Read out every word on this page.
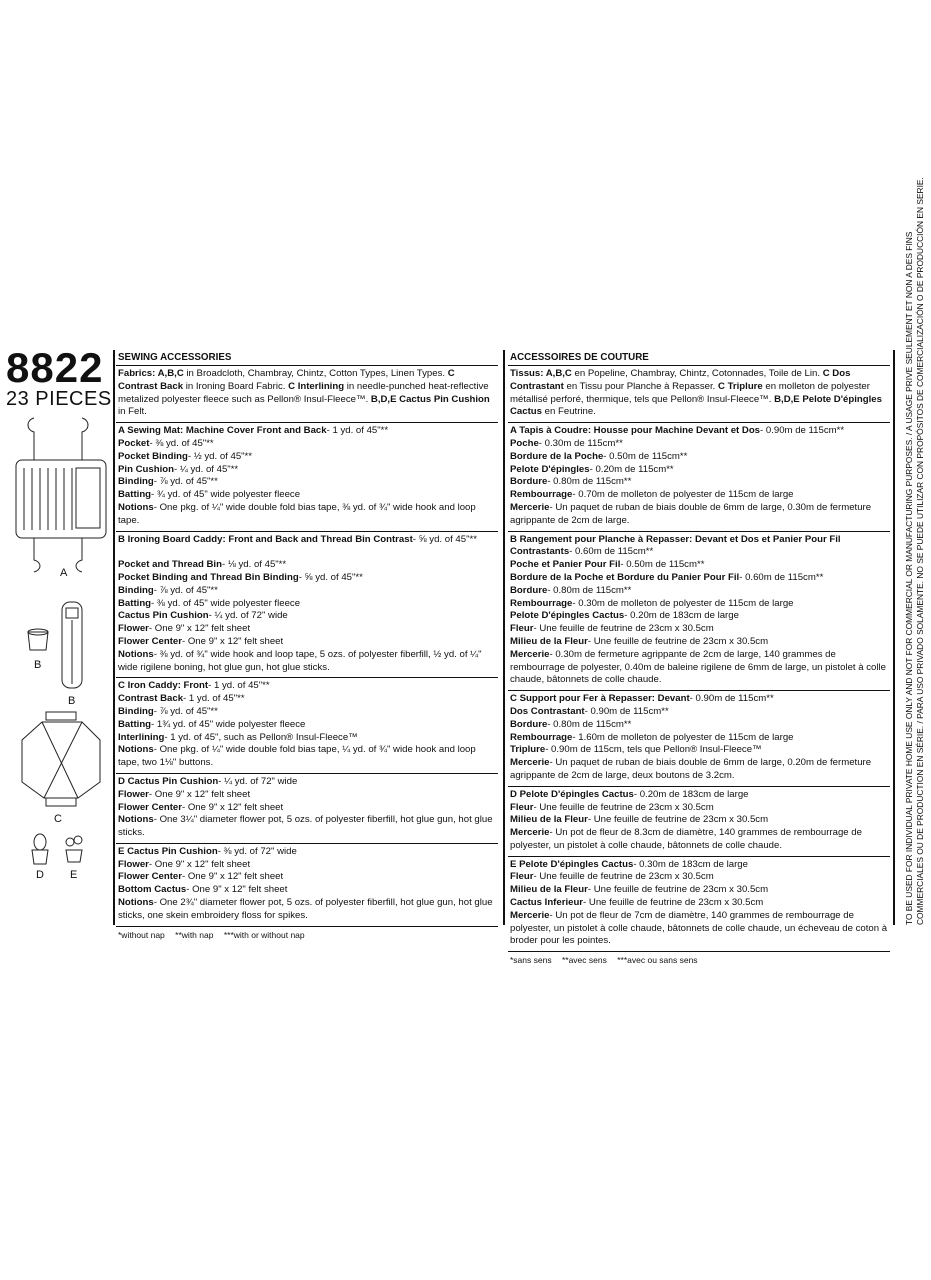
8822
23 PIECES
A
B
B
C
D E
SEWING ACCESSORIES

Fabrics: A,B,C in Broadcloth, Chambray, Chintz, Cotton Types, Linen Types. C Contrast Back in Ironing Board Fabric. C Interlining in needle-punched heat-reflective metalized polyester fleece such as Pellon® Insul-Fleece™. B,D,E Cactus Pin Cushion in Felt.

A Sewing Mat: Machine Cover Front and Back- 1 yd. of 45"**

Pocket- ⅜ yd. of 45"**

Pocket Binding- ½ yd. of 45"**

Pin Cushion- ¼ yd. of 45"**

Binding- ⅞ yd. of 45"**

Batting- ¾ yd. of 45" wide polyester fleece

Notions- One pkg. of ¼" wide double fold bias tape, ⅜ yd. of ¾" wide hook and loop tape.

B Ironing Board Caddy: Front and Back and Thread Bin Contrast- ⅝ yd. of 45"**

Pocket and Thread Bin- ⅛ yd. of 45"**

Pocket Binding and Thread Bin Binding- ⅝ yd. of 45"**

Binding- ⅞ yd. of 45"**

Batting- ⅜ yd. of 45" wide polyester fleece

Cactus Pin Cushion- ¼ yd. of 72" wide

Flower- One 9" x 12" felt sheet

Flower Center- One 9" x 12" felt sheet

Notions- ⅜ yd. of ¾" wide hook and loop tape, 5 ozs. of polyester fiberfill, ½ yd. of ¼" wide rigilene boning, hot glue gun, hot glue sticks.

C Iron Caddy: Front- 1 yd. of 45"**

Contrast Back- 1 yd. of 45"**

Binding- ⅞ yd. of 45"**

Batting- 1¾ yd. of 45" wide polyester fleece

Interlining- 1 yd. of 45", such as Pellon® Insul-Fleece™

Notions- One pkg. of ¼" wide double fold bias tape, ¼ yd. of ¾" wide hook and loop tape, two 1⅛" buttons.

D Cactus Pin Cushion- ¼ yd. of 72" wide

Flower- One 9" x 12" felt sheet

Flower Center- One 9" x 12" felt sheet

Notions- One 3¼" diameter flower pot, 5 ozs. of polyester fiberfill, hot glue gun, hot glue sticks.

E Cactus Pin Cushion- ⅜ yd. of 72" wide

Flower- One 9" x 12" felt sheet

Flower Center- One 9" x 12" felt sheet

Bottom Cactus- One 9" x 12" felt sheet

Notions- One 2¾" diameter flower pot, 5 ozs. of polyester fiberfill, hot glue gun, hot glue sticks, one skein embroidery floss for spikes.

*without nap **with nap ***with or without nap
ACCESSOIRES DE COUTURE

Tissus: A,B,C en Popeline, Chambray, Chintz, Cotonnades, Toile de Lin. C Dos Contrastant en Tissu pour Planche à Repasser. C Triplure en molleton de polyester métallisé perforé, thermique, tels que Pellon® Insul-Fleece™. B,D,E Pelote D'épingles Cactus en Feutrine.

A Tapis à Coudre: Housse pour Machine Devant et Dos- 0.90m de 115cm**

Poche- 0.30m de 115cm**

Bordure de la Poche- 0.50m de 115cm**

Pelote D'épingles- 0.20m de 115cm**

Bordure- 0.80m de 115cm**

Rembourrage- 0.70m de molleton de polyester de 115cm de large

Mercerie- Un paquet de ruban de biais double de 6mm de large, 0.30m de fermeture agrippante de 2cm de large.

B Rangement pour Planche à Repasser: Devant et Dos et Panier Pour Fil Contrastants- 0.60m de 115cm**

Poche et Panier Pour Fil- 0.50m de 115cm**

Bordure de la Poche et Bordure du Panier Pour Fil- 0.60m de 115cm**

Bordure- 0.80m de 115cm**

Rembourrage- 0.30m de molleton de polyester de 115cm de large

Pelote D'épingles Cactus- 0.20m de 183cm de large

Fleur- Une feuille de feutrine de 23cm x 30.5cm

Milieu de la Fleur- Une feuille de feutrine de 23cm x 30.5cm

Mercerie- 0.30m de fermeture agrippante de 2cm de large, 140 grammes de rembourrage de polyester, 0.40m de baleine rigilene de 6mm de large, un pistolet à colle chaude, bâtonnets de colle chaude.

C Support pour Fer à Repasser: Devant- 0.90m de 115cm**

Dos Contrastant- 0.90m de 115cm**

Bordure- 0.80m de 115cm**

Rembourrage- 1.60m de molleton de polyester de 115cm de large

Triplure- 0.90m de 115cm, tels que Pellon® Insul-Fleece™

Mercerie- Un paquet de ruban de biais double de 6mm de large, 0.20m de fermeture agrippante de 2cm de large, deux boutons de 3.2cm.

D Pelote D'épingles Cactus- 0.20m de 183cm de large

Fleur- Une feuille de feutrine de 23cm x 30.5cm

Milieu de la Fleur- Une feuille de feutrine de 23cm x 30.5cm

Mercerie- Un pot de fleur de 8.3cm de diamètre, 140 grammes de rembourrage de polyester, un pistolet à colle chaude, bâtonnets de colle chaude.

E Pelote D'épingles Cactus- 0.30m de 183cm de large

Fleur- Une feuille de feutrine de 23cm x 30.5cm

Milieu de la Fleur- Une feuille de feutrine de 23cm x 30.5cm

Cactus Inferieur- Une feuille de feutrine de 23cm x 30.5cm

Mercerie- Un pot de fleur de 7cm de diamètre, 140 grammes de rembourrage de polyester, un pistolet à colle chaude, bâtonnets de colle chaude, un écheveau de coton à broder pour les pointes.

*sans sens **avec sens ***avec ou sans sens
TO BE USED FOR INDIVIDUAL PRIVATE HOME USE ONLY AND NOT FOR COMMERCIAL OR MANUFACTURING PURPOSES. / A USAGE PRIVE SEULEMENT ET NON A DES FINS COMMERCIALES OU DE PRODUCTION EN SÉRIE. / PARA USO PRIVADO SOLAMENTE. NO SE PUEDE UTILIZAR CON PROPÓSITOS DE COMERCIALIZACIÓN O DE PRODUCCIÓN EN SERIE.
